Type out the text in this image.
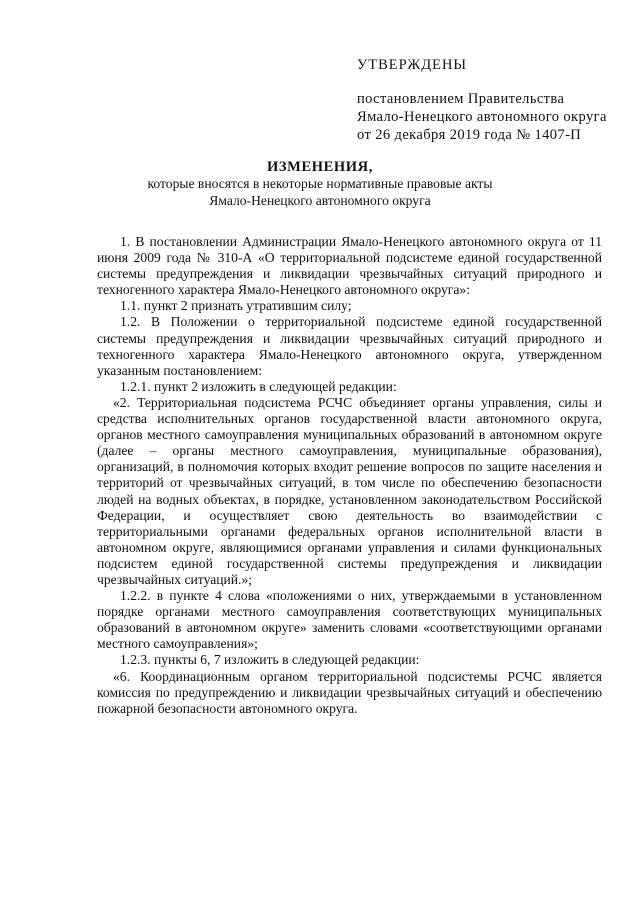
УТВЕРЖДЕНЫ
постановлением Правительства
Ямало-Ненецкого автономного округа
от 26 декабря 2019 года № 1407-П
ИЗМЕНЕНИЯ,
которые вносятся в некоторые нормативные правовые акты
Ямало-Ненецкого автономного округа

1. В постановлении Администрации Ямало-Ненецкого автономного округа от 11 июня 2009 года № 310-А «О территориальной подсистеме единой государственной системы предупреждения и ликвидации чрезвычайных ситуаций природного и техногенного характера Ямало-Ненецкого автономного округа»:

1.1. пункт 2 признать утратившим силу;

1.2. В Положении о территориальной подсистеме единой государственной системы предупреждения и ликвидации чрезвычайных ситуаций природного и техногенного характера Ямало-Ненецкого автономного округа, утвержденном указанным постановлением:

1.2.1. пункт 2 изложить в следующей редакции:

«2. Территориальная подсистема РСЧС объединяет органы управления, силы и средства исполнительных органов государственной власти автономного округа, органов местного самоуправления муниципальных образований в автономном округе (далее – органы местного самоуправления, муниципальные образования), организаций, в полномочия которых входит решение вопросов по защите населения и территорий от чрезвычайных ситуаций, в том числе по обеспечению безопасности людей на водных объектах, в порядке, установленном законодательством Российской Федерации, и осуществляет свою деятельность во взаимодействии с территориальными органами федеральных органов исполнительной власти в автономном округе, являющимися органами управления и силами функциональных подсистем единой государственной системы предупреждения и ликвидации чрезвычайных ситуаций.»;

1.2.2. в пункте 4 слова «положениями о них, утверждаемыми в установленном порядке органами местного самоуправления соответствующих муниципальных образований в автономном округе» заменить словами «соответствующими органами местного самоуправления»;

1.2.3. пункты 6, 7 изложить в следующей редакции:

«6. Координационным органом территориальной подсистемы РСЧС является комиссия по предупреждению и ликвидации чрезвычайных ситуаций и обеспечению пожарной безопасности автономного округа.
